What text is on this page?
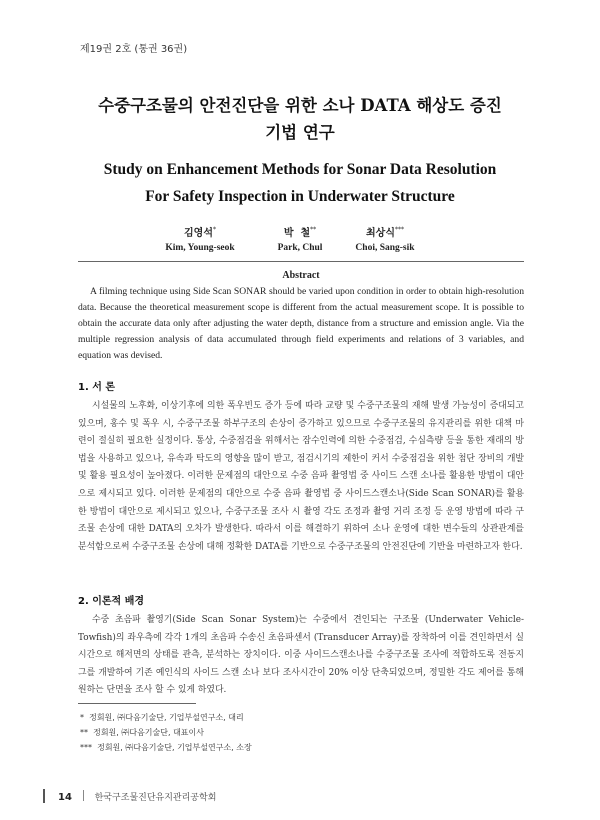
제19권 2호 (통권 36권)
수중구조물의 안전진단을 위한 소나 DATA 해상도 증진
기법 연구
Study on Enhancement Methods for Sonar Data Resolution
For Safety Inspection in Underwater Structure
김영석*
Kim, Young-seok
박  철**
Park, Chul
최상식***
Choi, Sang-sik
Abstract
A filming technique using Side Scan SONAR should be varied upon condition in order to obtain high-resolution data. Because the theoretical measurement scope is different from the actual measurement scope. It is possible to obtain the accurate data only after adjusting the water depth, distance from a structure and emission angle. Via the multiple regression analysis of data accumulated through field experiments and relations of 3 variables, and equation was devised.
1. 서 론
시설물의 노후화, 이상기후에 의한 폭우빈도 증가 등에 따라 교량 및 수중구조물의 재해 발생 가능성이 증대되고 있으며, 홍수 및 폭우 시, 수중구조물 하부구조의 손상이 증가하고 있으므로 수중구조물의 유지관리를 위한 대책 마련이 절실히 필요한 실정이다. 통상, 수중점검을 위해서는 잠수인력에 의한 수중점검, 수심측량 등을 통한 재래의 방법을 사용하고 있으나, 유속과 탁도의 영향을 많이 받고, 점검시기의 제한이 커서 수중점검을 위한 첨단 장비의 개발 및 활용 필요성이 높아졌다. 이러한 문제점의 대안으로 수중 음파 촬영법 중 사이드 스캔 소나를 활용한 방법이 대안으로 제시되고 있다. 이러한 문제점의 대안으로 수중 음파 촬영법 중 사이드스캔소나(Side Scan SONAR)를 활용한 방법이 대안으로 제시되고 있으나, 수중구조물 조사 시 촬영 각도 조정과 촬영 거리 조정 등 운영 방법에 따라 구조물 손상에 대한 DATA의 오차가 발생한다. 따라서 이를 해결하기 위하여 소나 운영에 대한 변수들의 상관관계를 분석함으로써 수중구조물 손상에 대해 정확한 DATA를 기반으로 수중구조물의 안전진단에 기반을 마련하고자 한다.
2. 이론적 배경
수중 초음파 촬영기(Side Scan Sonar System)는 수중에서 견인되는 구조물 (Underwater Vehicle-Towfish)의 좌우측에 각각 1개의 초음파 수송신 초음파센서 (Transducer Array)를 장착하여 이를 견인하면서 실시간으로 해저면의 상태를 관측, 분석하는 장치이다. 이중 사이드스캔소나를 수중구조물 조사에 적합하도록 전동지그를 개발하여 기존 예인식의 사이드 스캔 소나 보다 조사시간이 20% 이상 단축되었으며, 정밀한 각도 제어를 통해 원하는 단면을 조사 할 수 있게 하였다.
*  정회원, ㈜다음기술단, 기업부설연구소, 대리
**  정회원, ㈜다음기술단, 대표이사
***  정회원, ㈜다음기술단, 기업부설연구소, 소장
14	한국구조물진단유지관리공학회
